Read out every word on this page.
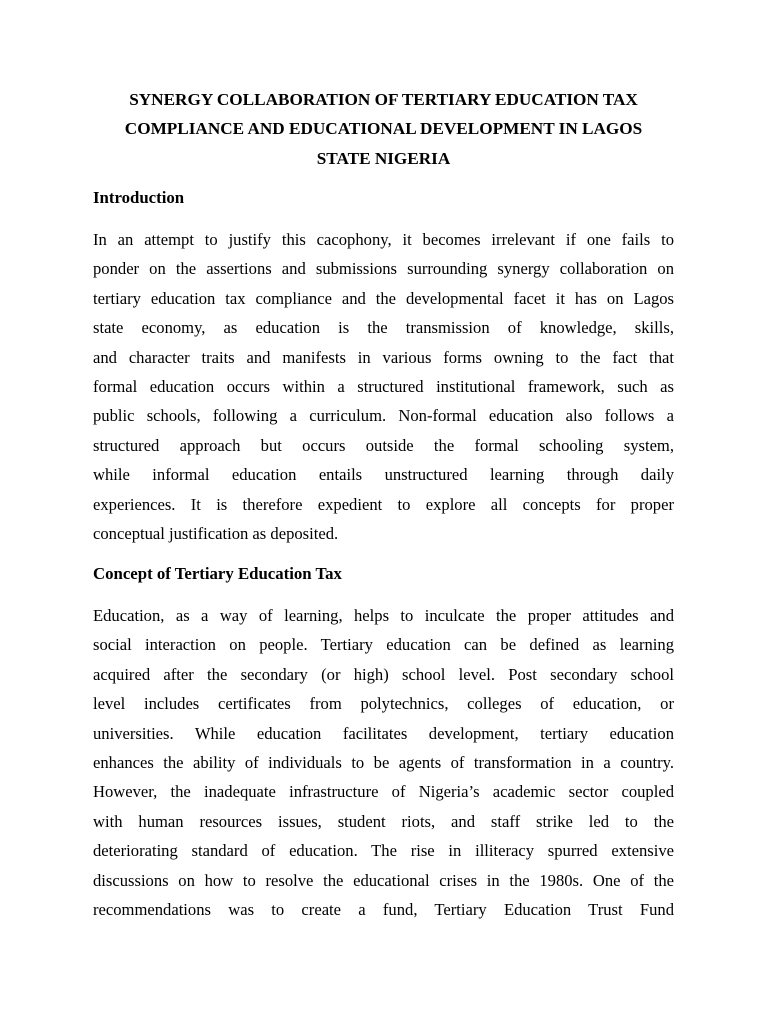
SYNERGY COLLABORATION OF TERTIARY EDUCATION TAX
COMPLIANCE AND EDUCATIONAL DEVELOPMENT IN LAGOS
STATE NIGERIA
Introduction
In an attempt to justify this cacophony, it becomes irrelevant if one fails to
ponder on the assertions and submissions surrounding synergy collaboration on
tertiary education tax compliance and the developmental facet it has on Lagos
state economy, as education is the transmission of knowledge, skills,
and character traits and manifests in various forms owning to the fact that
formal education occurs within a structured institutional framework, such as
public schools, following a curriculum. Non-formal education also follows a
structured approach but occurs outside the formal schooling system,
while informal education entails unstructured learning through daily
experiences. It is therefore expedient to explore all concepts for proper
conceptual justification as deposited.
Concept of Tertiary Education Tax
Education, as a way of learning, helps to inculcate the proper attitudes and
social interaction on people. Tertiary education can be defined as learning
acquired after the secondary (or high) school level. Post secondary school
level includes certificates from polytechnics, colleges of education, or
universities. While education facilitates development, tertiary education
enhances the ability of individuals to be agents of transformation in a country.
However, the inadequate infrastructure of Nigeria’s academic sector coupled
with human resources issues, student riots, and staff strike led to the
deteriorating standard of education. The rise in illiteracy spurred extensive
discussions on how to resolve the educational crises in the 1980s. One of the
recommendations was to create a fund, Tertiary Education Trust Fund
